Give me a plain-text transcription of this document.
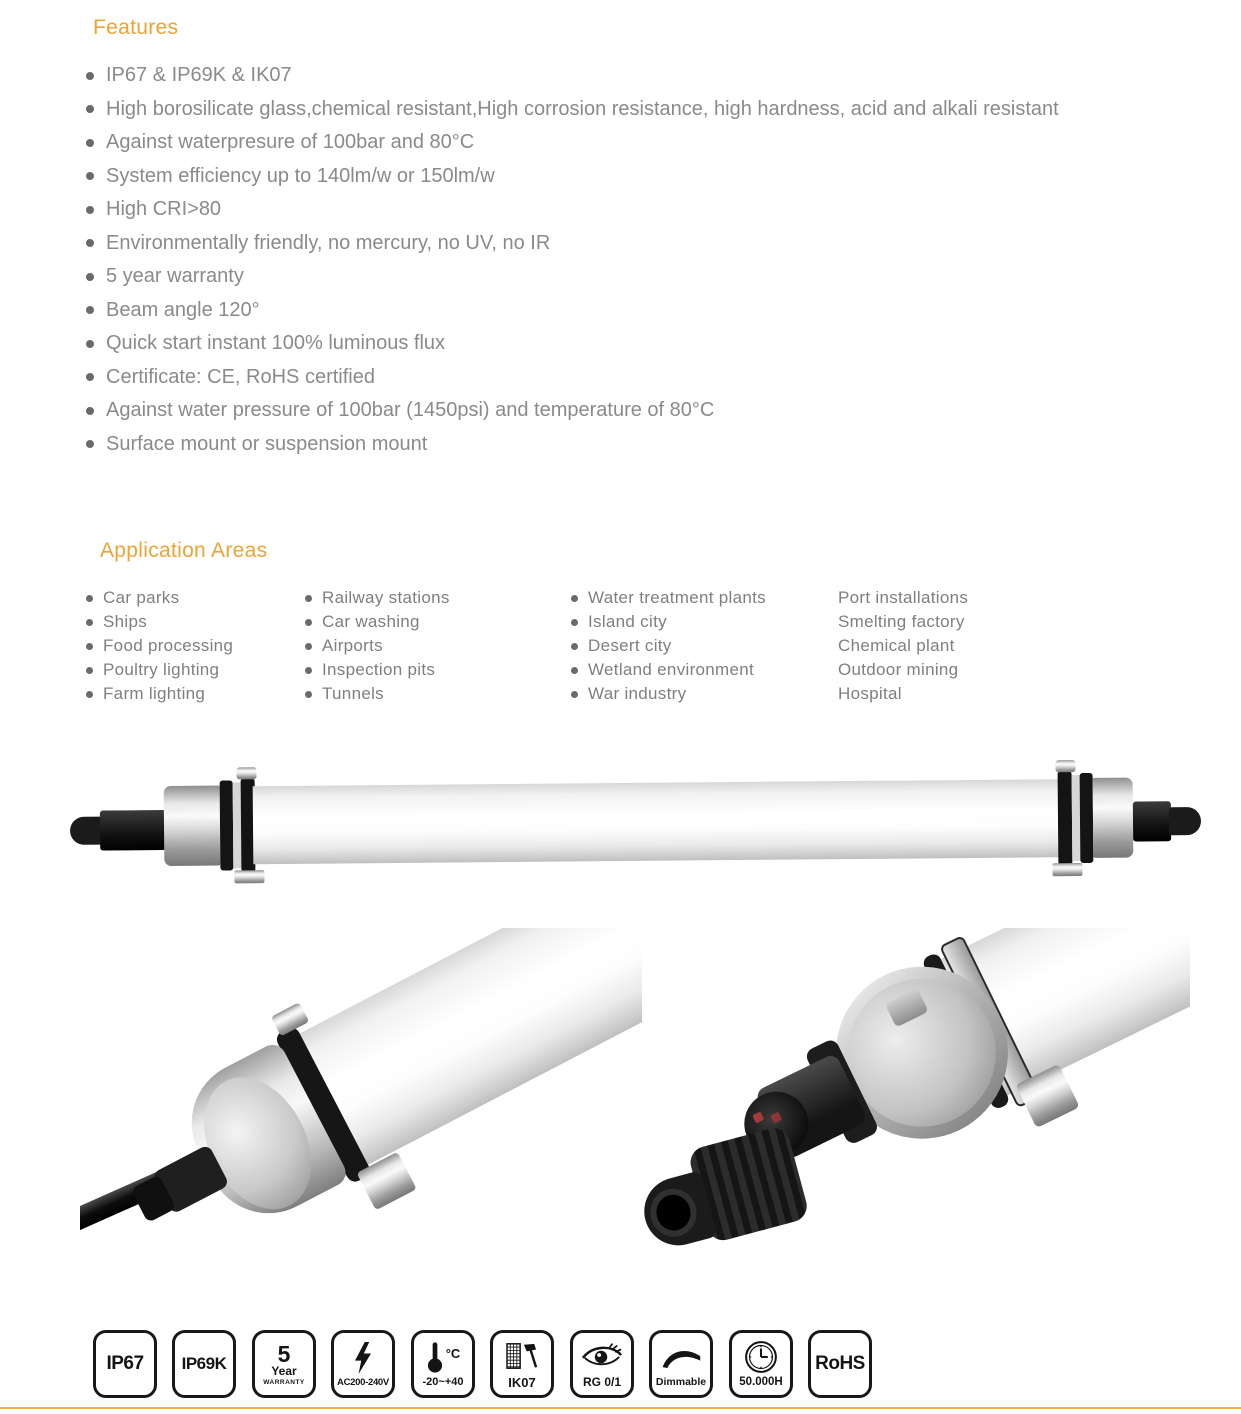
Features
IP67 & IP69K & IK07
High borosilicate glass,chemical resistant,High corrosion resistance, high hardness, acid and alkali resistant
Against waterpresure of 100bar and 80°C
System efficiency up to 140lm/w or 150lm/w
High CRI>80
Environmentally friendly, no mercury, no UV, no IR
5 year warranty
Beam angle 120°
Quick start instant 100% luminous flux
Certificate: CE, RoHS certified
Against water pressure of 100bar (1450psi) and temperature of 80°C
Surface mount or suspension mount
Application Areas
Car parks
Ships
Food processing
Poultry lighting
Farm lighting
Railway stations
Car washing
Airports
Inspection pits
Tunnels
Water treatment plants
Island city
Desert city
Wetland environment
War industry
Port installations
Smelting factory
Chemical plant
Outdoor mining
Hospital
IP67 IP69K 5
Year
WARRANTY	AC200-240V
°C
-20~+40	IK07	RG 0/1	Dimmable	50.000H
RoHS
